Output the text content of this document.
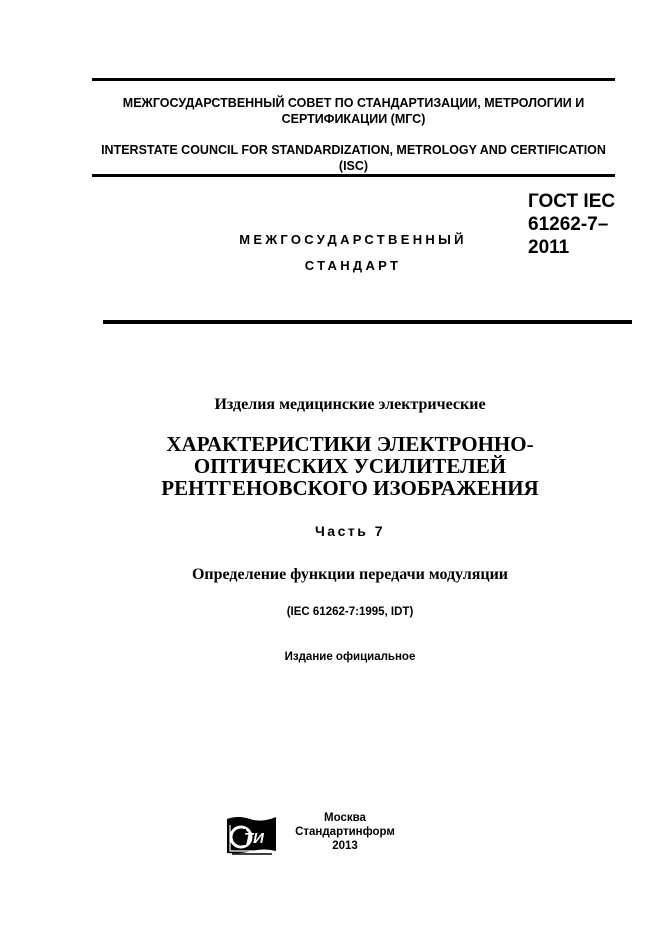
МЕЖГОСУДАРСТВЕННЫЙ СОВЕТ ПО СТАНДАРТИЗАЦИИ, МЕТРОЛОГИИ И СЕРТИФИКАЦИИ (МГС)
INTERSTATE COUNCIL FOR STANDARDIZATION, METROLOGY AND CERTIFICATION (ISC)
МЕЖГОСУДАРСТВЕННЫЙ
СТАНДАРТ
ГОСТ IEC
61262-7–
2011
Изделия медицинские электрические
ХАРАКТЕРИСТИКИ ЭЛЕКТРОННО-
ОПТИЧЕСКИХ УСИЛИТЕЛЕЙ
РЕНТГЕНОВСКОГО ИЗОБРАЖЕНИЯ
Часть 7
Определение функции передачи модуляции
(IEC 61262-7:1995, IDT)
Издание официальное
ТИ
Москва
Стандартинформ
2013
